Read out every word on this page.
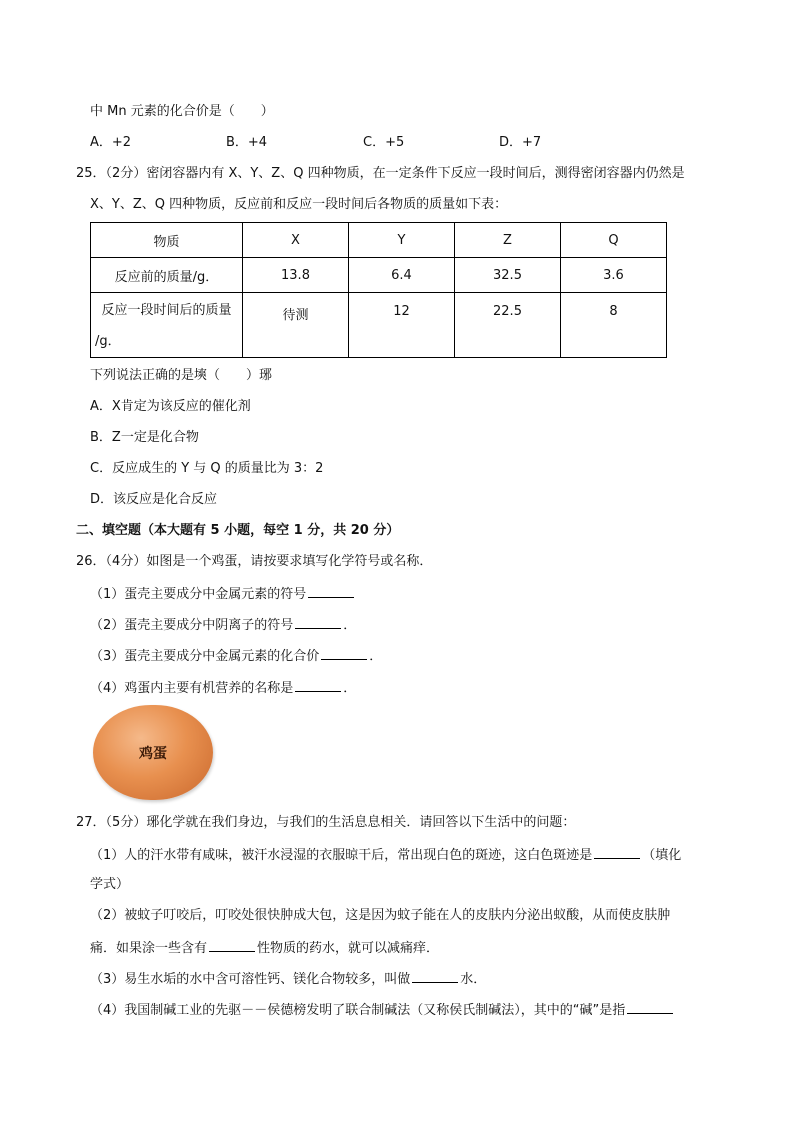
中 Mn 元素的化合价是（　　）
A．+2	B．+4	C．+5	D．+7
25．（2分）密闭容器内有 X、Y、Z、Q 四种物质，在一定条件下反应一段时间后，测得密闭容器内仍然是
X、Y、Z、Q 四种物质，反应前和反应一段时间后各物质的质量如下表：
物质	X	Y	Z	Q
反应前的质量/g．	13.8	6.4	32.5	3.6

反应一段时间后的质量
/g．	待测	12	22.5	8
下列说法正确的是塽（　　）琊
A．X肯定为该反应的催化剂
B．Z一定是化合物
C．反应成生的 Y 与 Q 的质量比为 3：2
D．该反应是化合反应
二、填空题（本大题有 5 小题，每空 1 分，共 20 分）
26．（4分）如图是一个鸡蛋，请按要求填写化学符号或名称．
（1）蛋壳主要成分中金属元素的符号
（2）蛋壳主要成分中阴离子的符号	．
（3）蛋壳主要成分中金属元素的化合价	．
（4）鸡蛋内主要有机营养的名称是	．
鸡蛋
27．（5分）琊化学就在我们身边，与我们的生活息息相关．请回答以下生活中的问题：
（1）人的汗水带有咸味，被汗水浸湿的衣服晾干后，常出现白色的斑迹，这白色斑迹是	（填化
学式）
（2）被蚊子叮咬后，叮咬处很快肿成大包，这是因为蚊子能在人的皮肤内分泌出蚁酸，从而使皮肤肿
痛．如果涂一些含有	性物质的药水，就可以减痛痒．
（3）易生水垢的水中含可溶性钙、镁化合物较多，叫做	水．
（4）我国制碱工业的先驱－－侯德榜发明了联合制碱法（又称侯氏制碱法），其中的“碱”是指
